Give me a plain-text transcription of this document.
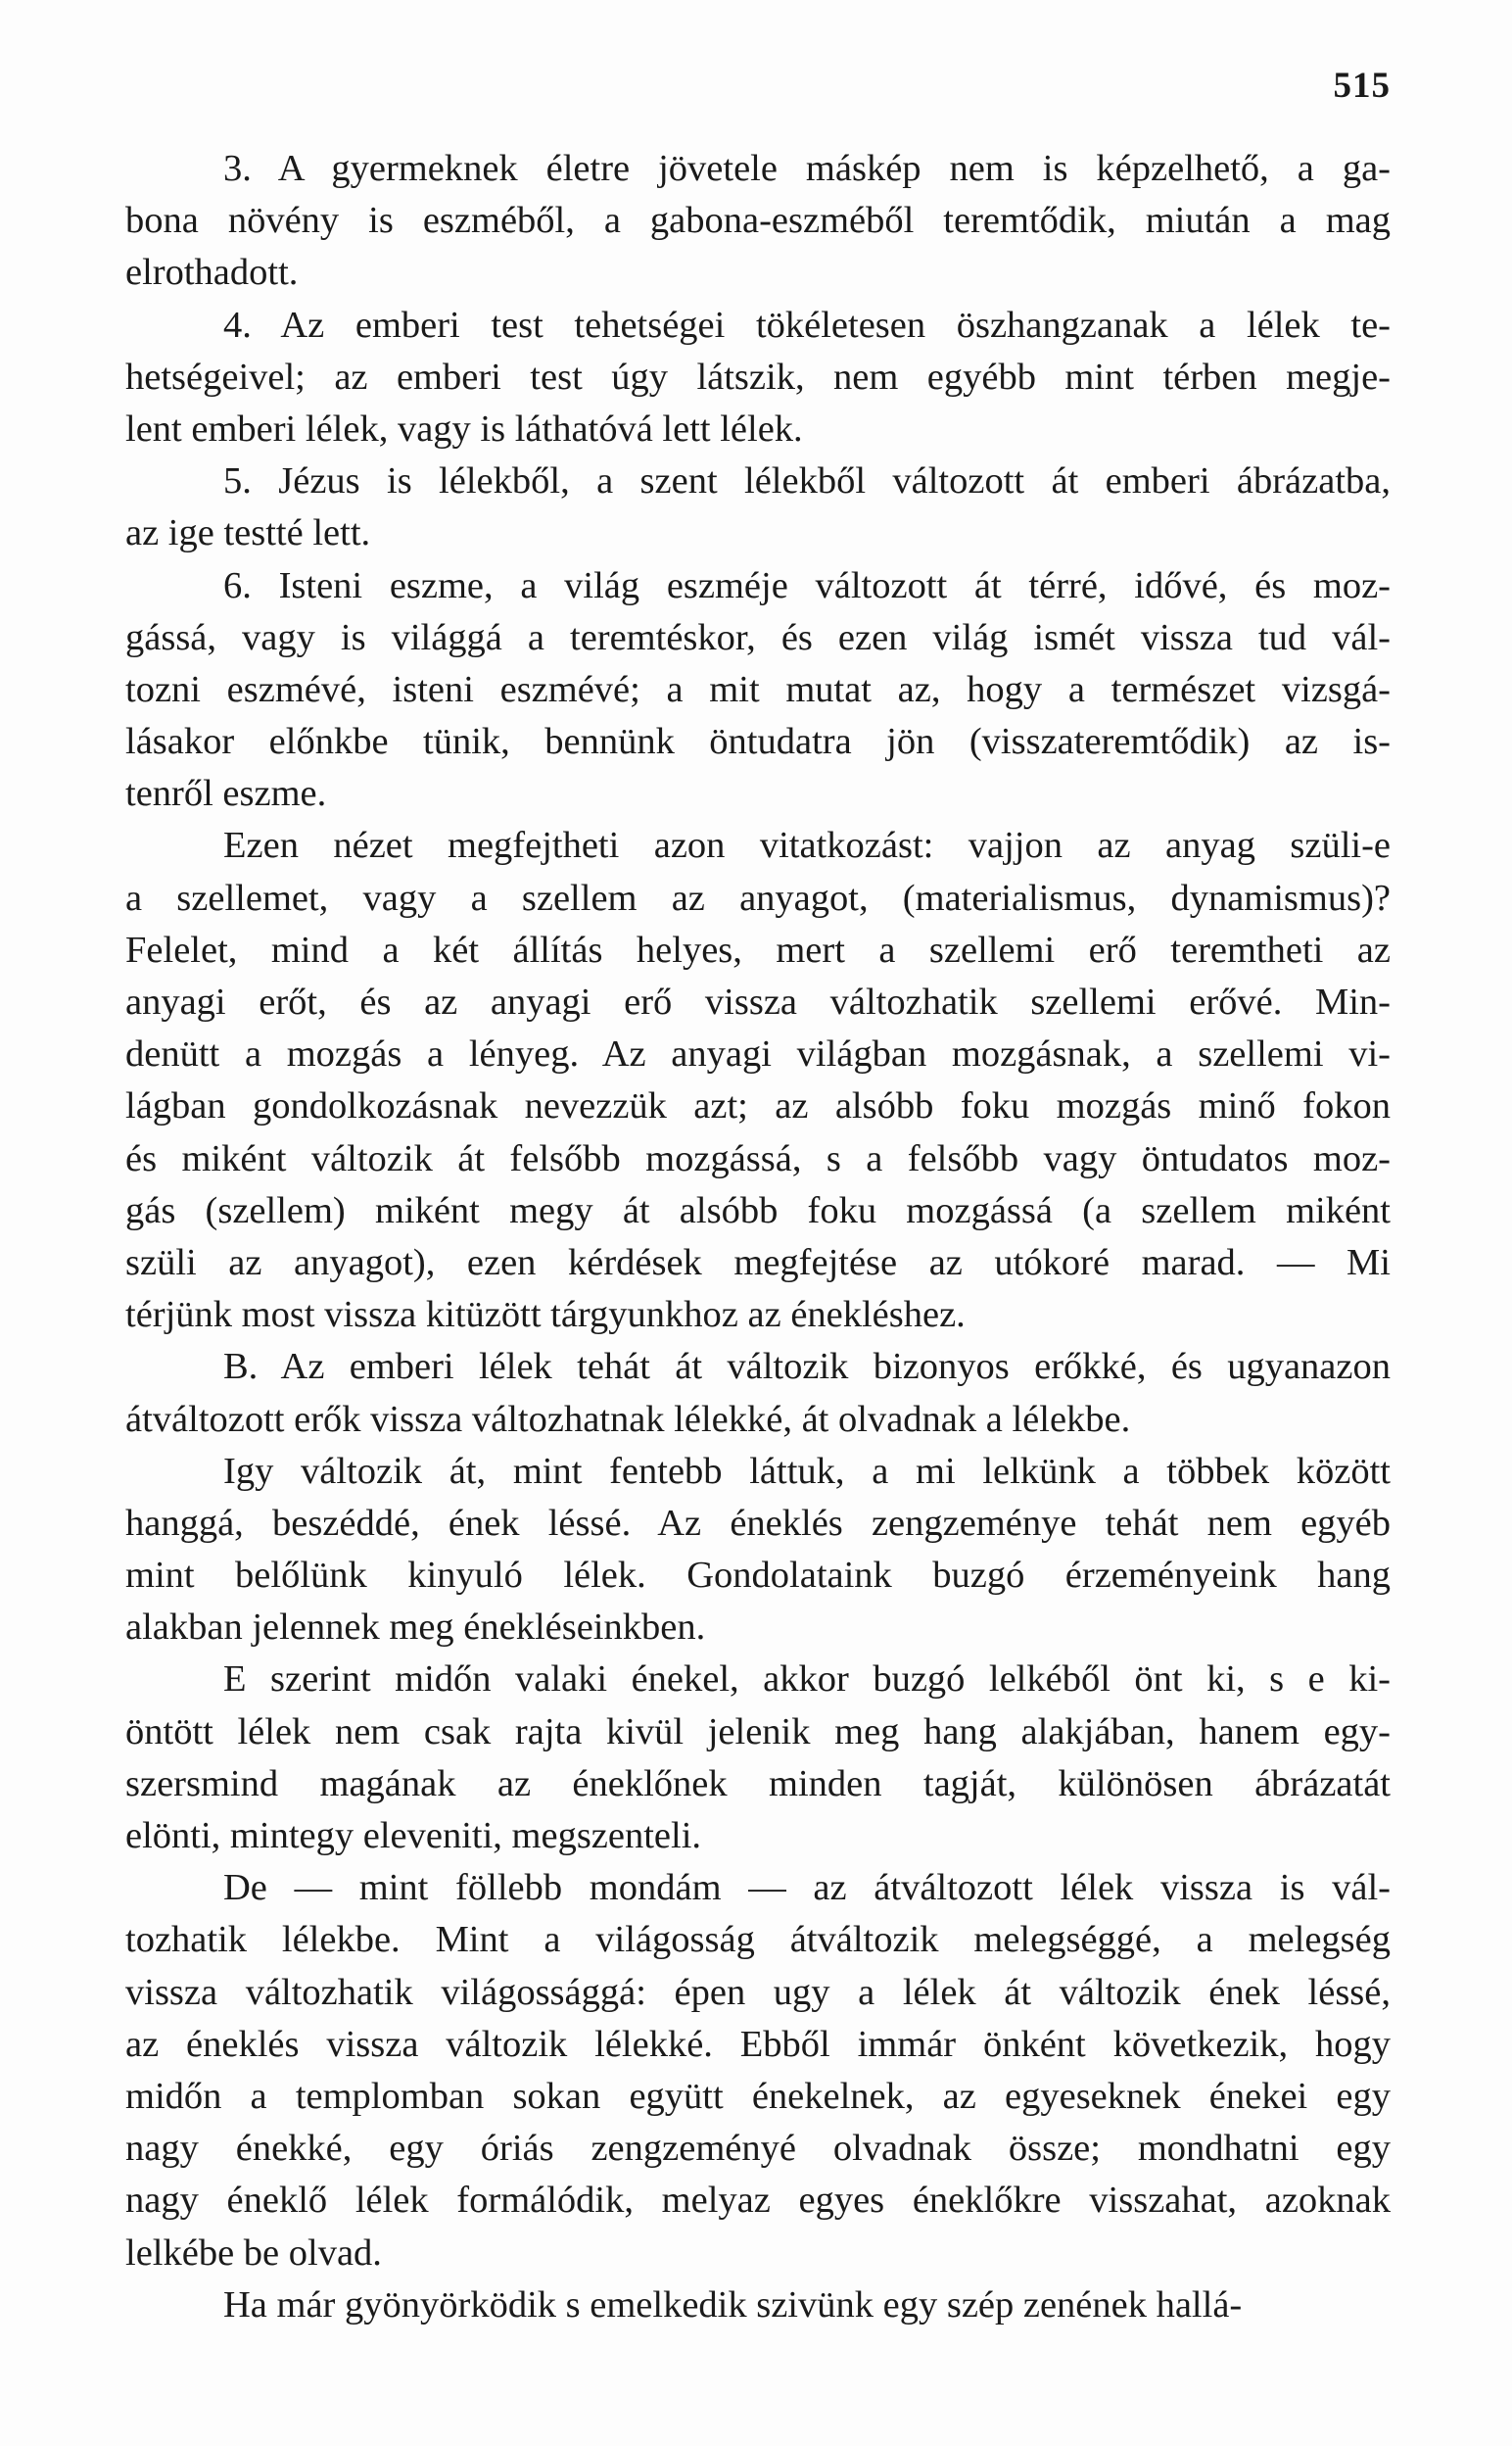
515
3. A gyermeknek életre jövetele máskép nem is képzelhető, a ga-
bona növény is eszméből, a gabona-eszméből teremtődik, miután a mag
elrothadott.
4. Az emberi test tehetségei tökéletesen öszhangzanak a lélek te-
hetségeivel; az emberi test úgy látszik, nem egyébb mint térben megje-
lent emberi lélek, vagy is láthatóvá lett lélek.
5. Jézus is lélekből, a szent lélekből változott át emberi ábrázatba,
az ige testté lett.
6. Isteni eszme, a világ eszméje változott át térré, idővé, és moz-
gássá, vagy is világgá a teremtéskor, és ezen világ ismét vissza tud vál-
tozni eszmévé, isteni eszmévé; a mit mutat az, hogy a természet vizsgá-
lásakor előnkbe tünik, bennünk öntudatra jön (visszateremtődik) az is-
tenről eszme.
Ezen nézet megfejtheti azon vitatkozást: vajjon az anyag szüli-e
a szellemet, vagy a szellem az anyagot, (materialismus, dynamismus)?
Felelet, mind a két állítás helyes, mert a szellemi erő teremtheti az
anyagi erőt, és az anyagi erő vissza változhatik szellemi erővé. Min-
denütt a mozgás a lényeg. Az anyagi világban mozgásnak, a szellemi vi-
lágban gondolkozásnak nevezzük azt; az alsóbb foku mozgás minő fokon
és miként változik át felsőbb mozgássá, s a felsőbb vagy öntudatos moz-
gás (szellem) miként megy át alsóbb foku mozgássá (a szellem miként
szüli az anyagot), ezen kérdések megfejtése az utókoré marad. — Mi
térjünk most vissza kitüzött tárgyunkhoz az énekléshez.
B. Az emberi lélek tehát át változik bizonyos erőkké, és ugyanazon
átváltozott erők vissza változhatnak lélekké, át olvadnak a lélekbe.
Igy változik át, mint fentebb láttuk, a mi lelkünk a többek között
hanggá, beszéddé, ének léssé. Az éneklés zengzeménye tehát nem egyéb
mint belőlünk kinyuló lélek. Gondolataink buzgó érzeményeink hang
alakban jelennek meg énekléseinkben.
E szerint midőn valaki énekel, akkor buzgó lelkéből önt ki, s e ki-
öntött lélek nem csak rajta kivül jelenik meg hang alakjában, hanem egy-
szersmind magának az éneklőnek minden tagját, különösen ábrázatát
elönti, mintegy eleveniti, megszenteli.
De — mint föllebb mondám — az átváltozott lélek vissza is vál-
tozhatik lélekbe. Mint a világosság átváltozik melegséggé, a melegség
vissza változhatik világossággá: épen ugy a lélek át változik ének léssé,
az éneklés vissza változik lélekké. Ebből immár önként következik, hogy
midőn a templomban sokan együtt énekelnek, az egyeseknek énekei egy
nagy énekké, egy óriás zengzeményé olvadnak össze; mondhatni egy
nagy éneklő lélek formálódik, melyaz egyes éneklőkre visszahat, azoknak
lelkébe be olvad.
Ha már gyönyörködik s emelkedik szivünk egy szép zenének hallá-
